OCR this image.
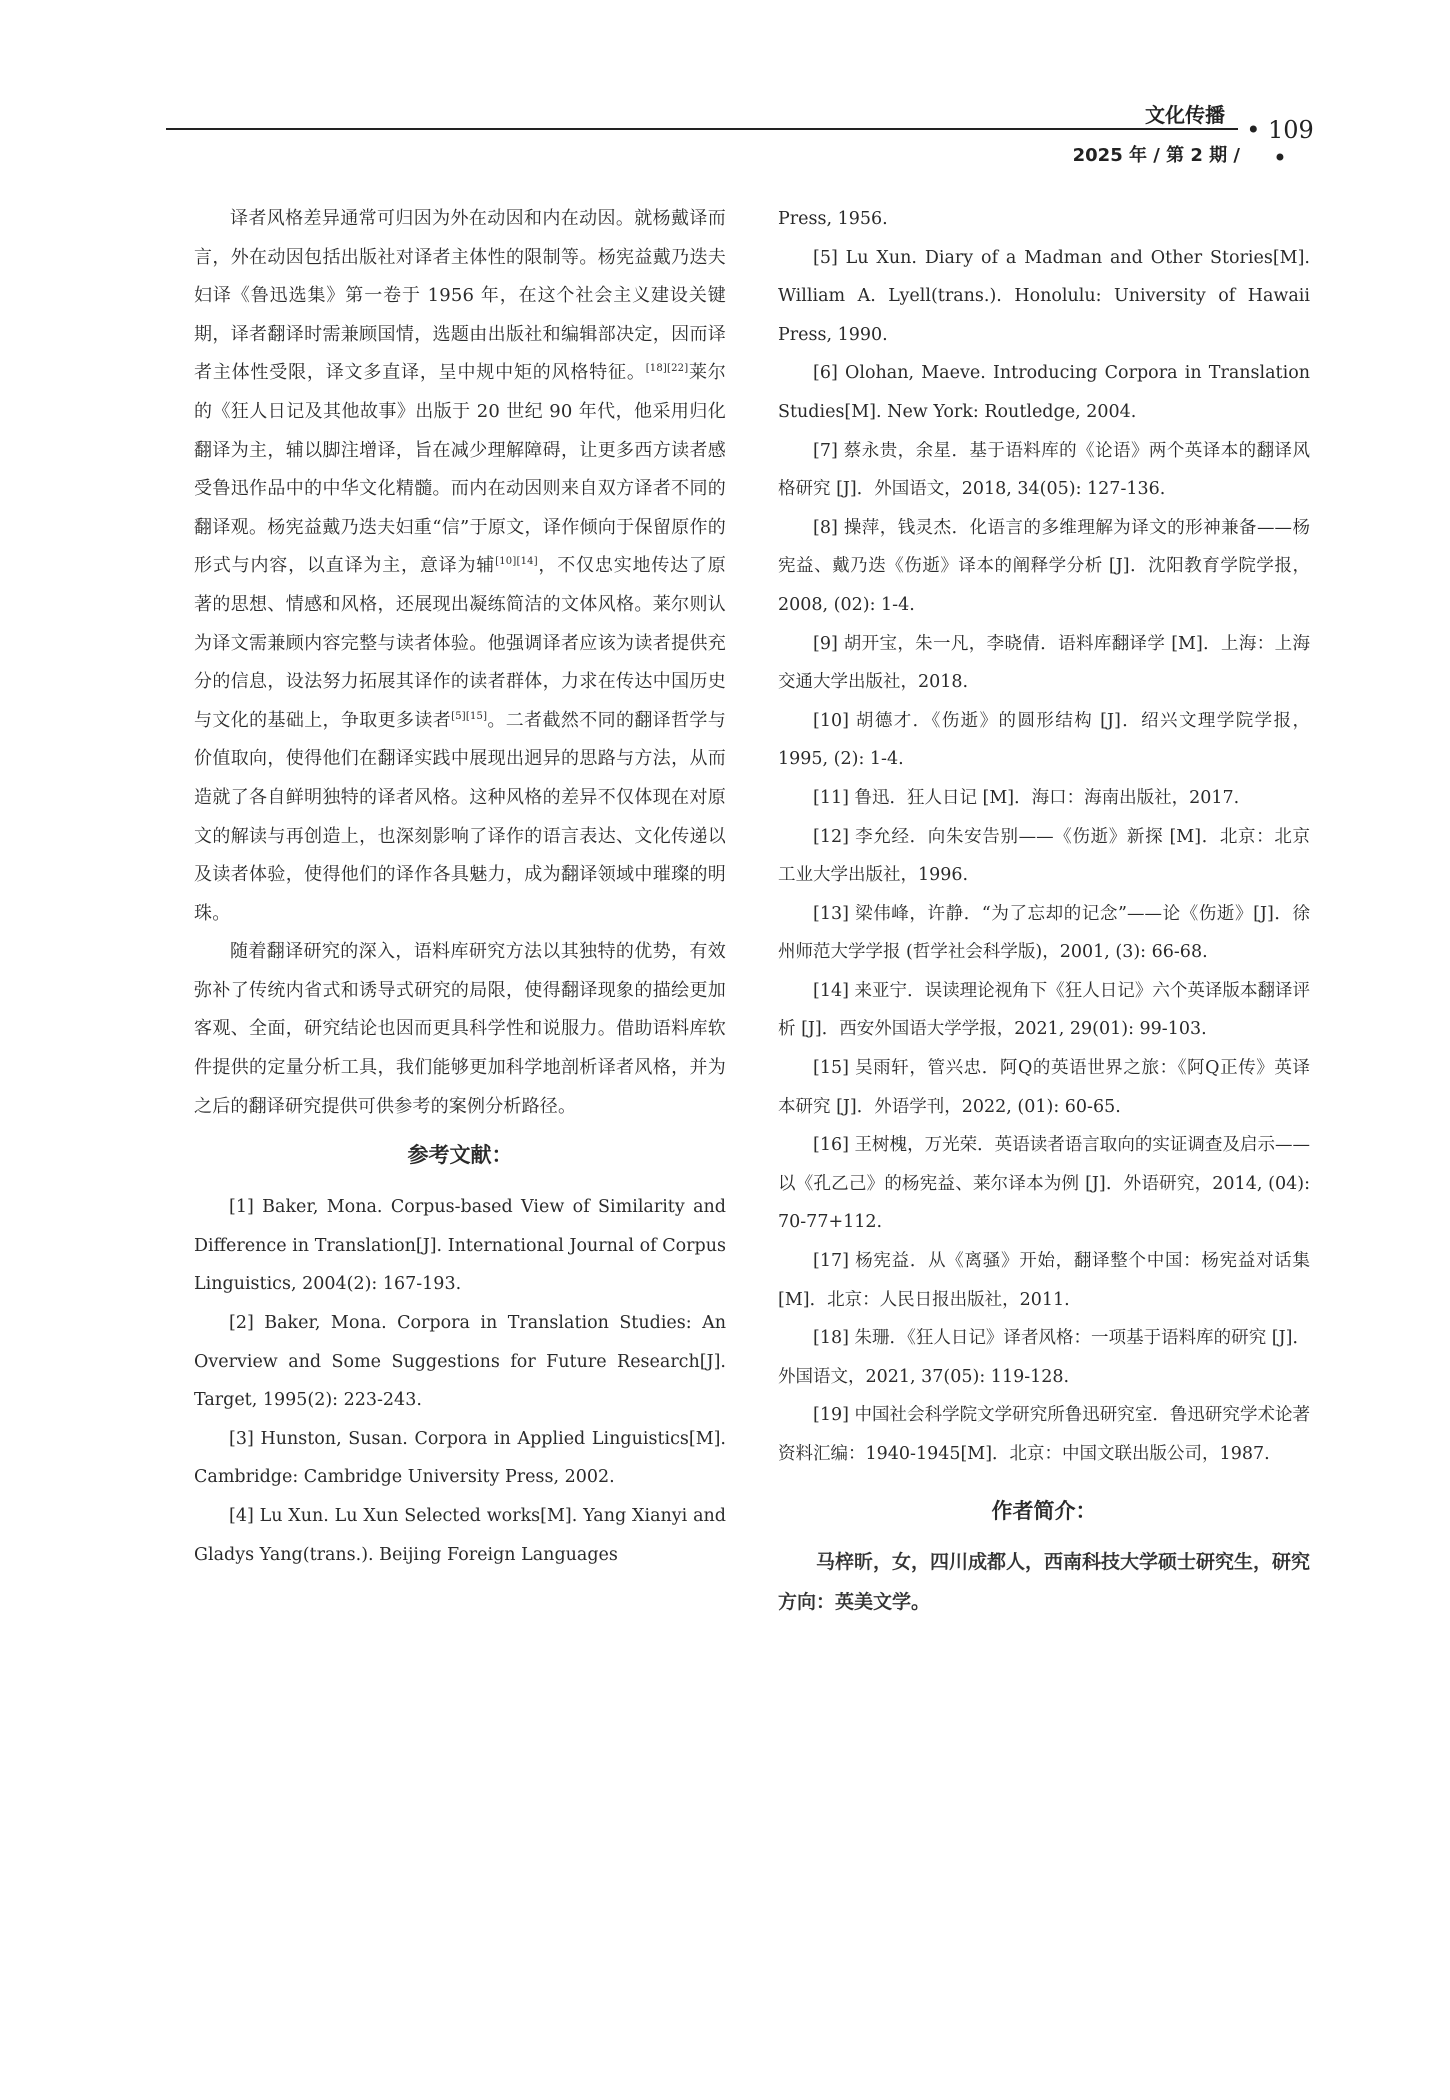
文化传播
• 109 •
2025 年 / 第 2 期 /

译者风格差异通常可归因为外在动因和内在动因。就杨戴译而言，外在动因包括出版社对译者主体性的限制等。杨宪益戴乃迭夫妇译《鲁迅选集》第一卷于 1956 年，在这个社会主义建设关键期，译者翻译时需兼顾国情，选题由出版社和编辑部决定，因而译者主体性受限，译文多直译，呈中规中矩的风格特征。[18][22]莱尔的《狂人日记及其他故事》出版于 20 世纪 90 年代，他采用归化翻译为主，辅以脚注增译，旨在减少理解障碍，让更多西方读者感受鲁迅作品中的中华文化精髓。而内在动因则来自双方译者不同的翻译观。杨宪益戴乃迭夫妇重“信”于原文，译作倾向于保留原作的形式与内容，以直译为主，意译为辅[10][14]，不仅忠实地传达了原著的思想、情感和风格，还展现出凝练简洁的文体风格。莱尔则认为译文需兼顾内容完整与读者体验。他强调译者应该为读者提供充分的信息，设法努力拓展其译作的读者群体，力求在传达中国历史与文化的基础上，争取更多读者[5][15]。二者截然不同的翻译哲学与价值取向，使得他们在翻译实践中展现出迥异的思路与方法，从而造就了各自鲜明独特的译者风格。这种风格的差异不仅体现在对原文的解读与再创造上，也深刻影响了译作的语言表达、文化传递以及读者体验，使得他们的译作各具魅力，成为翻译领域中璀璨的明珠。

随着翻译研究的深入，语料库研究方法以其独特的优势，有效弥补了传统内省式和诱导式研究的局限，使得翻译现象的描绘更加客观、全面，研究结论也因而更具科学性和说服力。借助语料库软件提供的定量分析工具，我们能够更加科学地剖析译者风格，并为之后的翻译研究提供可供参考的案例分析路径。

参考文献：

[1] Baker, Mona. Corpus-based View of Similarity and Difference in Translation[J]. International Journal of Corpus Linguistics, 2004(2): 167-193.

[2] Baker, Mona. Corpora in Translation Studies: An Overview and Some Suggestions for Future Research[J]. Target, 1995(2): 223-243.

[3] Hunston, Susan. Corpora in Applied Linguistics[M]. Cambridge: Cambridge University Press, 2002.

[4] Lu Xun. Lu Xun Selected works[M]. Yang Xianyi and Gladys Yang(trans.). Beijing Foreign Languages

Press, 1956.

[5] Lu Xun. Diary of a Madman and Other Stories[M]. William A. Lyell(trans.). Honolulu: University of Hawaii Press, 1990.

[6] Olohan, Maeve. Introducing Corpora in Translation Studies[M]. New York: Routledge, 2004.

[7] 蔡永贵，余星．基于语料库的《论语》两个英译本的翻译风格研究 [J]．外国语文，2018, 34(05): 127-136.

[8] 操萍，钱灵杰．化语言的多维理解为译文的形神兼备——杨宪益、戴乃迭《伤逝》译本的阐释学分析 [J]．沈阳教育学院学报，2008, (02): 1-4.

[9] 胡开宝，朱一凡，李晓倩．语料库翻译学 [M]．上海：上海交通大学出版社，2018.

[10] 胡德才．《伤逝》的圆形结构 [J]．绍兴文理学院学报，1995, (2): 1-4.

[11] 鲁迅．狂人日记 [M]．海口：海南出版社，2017.

[12] 李允经．向朱安告别——《伤逝》新探 [M]．北京：北京工业大学出版社，1996.

[13] 梁伟峰，许静．“为了忘却的记念”——论《伤逝》[J]．徐州师范大学学报 (哲学社会科学版)，2001, (3): 66-68.

[14] 来亚宁．误读理论视角下《狂人日记》六个英译版本翻译评析 [J]．西安外国语大学学报，2021, 29(01): 99-103.

[15] 吴雨轩，管兴忠．阿Q的英语世界之旅：《阿Q正传》英译本研究 [J]．外语学刊，2022, (01): 60-65.

[16] 王树槐，万光荣．英语读者语言取向的实证调查及启示——以《孔乙己》的杨宪益、莱尔译本为例 [J]．外语研究，2014, (04): 70-77+112.

[17] 杨宪益．从《离骚》开始，翻译整个中国：杨宪益对话集 [M]．北京：人民日报出版社，2011.

[18] 朱珊．《狂人日记》译者风格：一项基于语料库的研究 [J]．外国语文，2021, 37(05): 119-128.

[19] 中国社会科学院文学研究所鲁迅研究室．鲁迅研究学术论著资料汇编：1940-1945[M]．北京：中国文联出版公司，1987.

作者简介：

马梓昕，女，四川成都人，西南科技大学硕士研究生，研究方向：英美文学。
